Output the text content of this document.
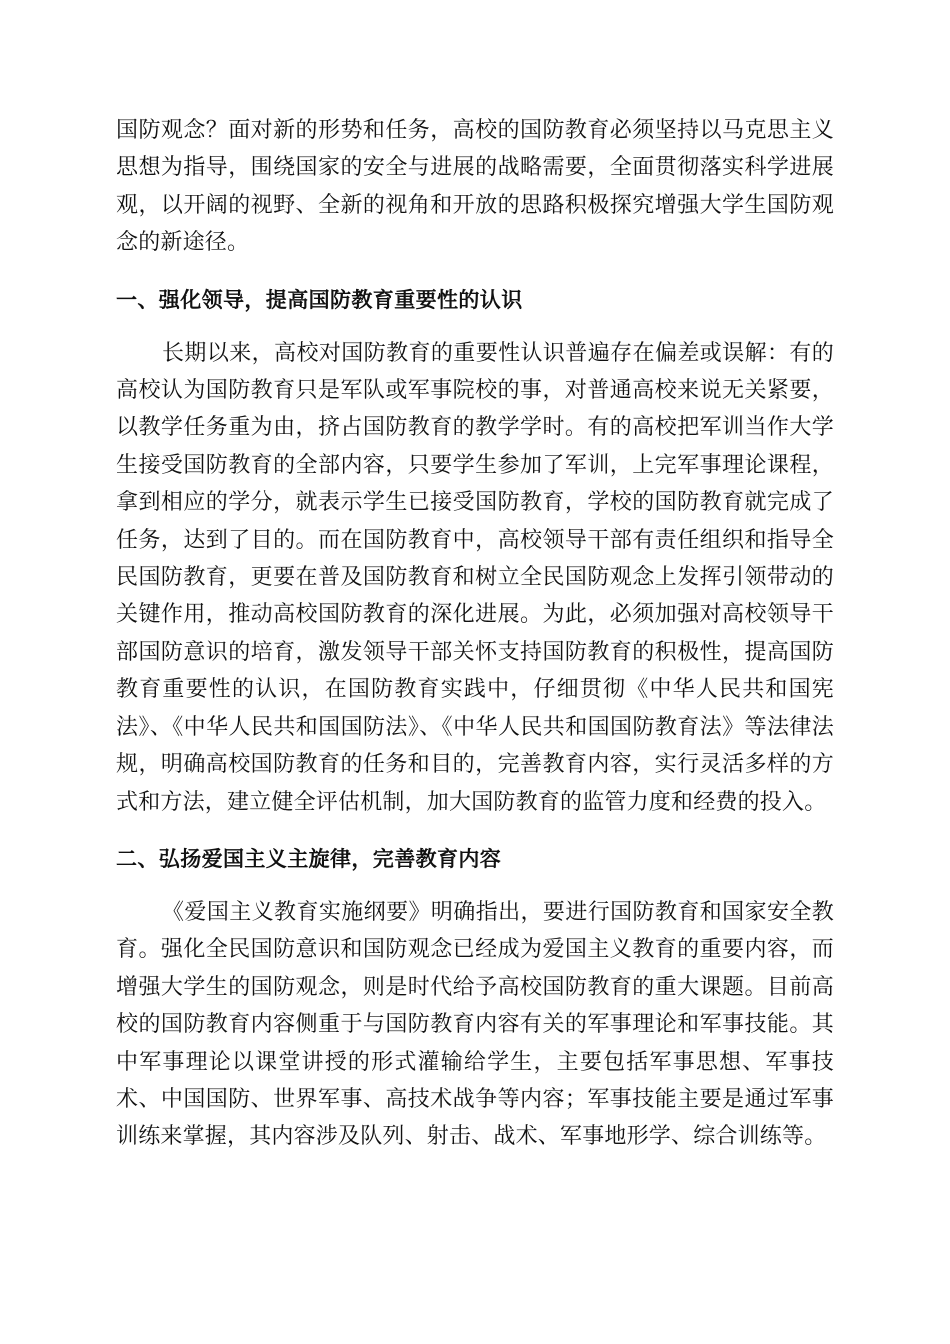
国防观念？面对新的形势和任务，高校的国防教育必须坚持以马克思主义思想为指导，围绕国家的安全与进展的战略需要，全面贯彻落实科学进展观，以开阔的视野、全新的视角和开放的思路积极探究增强大学生国防观念的新途径。

一、强化领导，提高国防教育重要性的认识

长期以来，高校对国防教育的重要性认识普遍存在偏差或误解：有的高校认为国防教育只是军队或军事院校的事，对普通高校来说无关紧要，以教学任务重为由，挤占国防教育的教学学时。有的高校把军训当作大学生接受国防教育的全部内容，只要学生参加了军训，上完军事理论课程，拿到相应的学分，就表示学生已接受国防教育，学校的国防教育就完成了任务，达到了目的。而在国防教育中，高校领导干部有责任组织和指导全民国防教育，更要在普及国防教育和树立全民国防观念上发挥引领带动的关键作用，推动高校国防教育的深化进展。为此，必须加强对高校领导干部国防意识的培育，激发领导干部关怀支持国防教育的积极性，提高国防教育重要性的认识，在国防教育实践中，仔细贯彻《中华人民共和国宪法》、《中华人民共和国国防法》、《中华人民共和国国防教育法》等法律法规，明确高校国防教育的任务和目的，完善教育内容，实行灵活多样的方式和方法，建立健全评估机制，加大国防教育的监管力度和经费的投入。

二、弘扬爱国主义主旋律，完善教育内容

《爱国主义教育实施纲要》明确指出，要进行国防教育和国家安全教育。强化全民国防意识和国防观念已经成为爱国主义教育的重要内容，而增强大学生的国防观念，则是时代给予高校国防教育的重大课题。目前高校的国防教育内容侧重于与国防教育内容有关的军事理论和军事技能。其中军事理论以课堂讲授的形式灌输给学生，主要包括军事思想、军事技术、中国国防、世界军事、高技术战争等内容；军事技能主要是通过军事训练来掌握，其内容涉及队列、射击、战术、军事地形学、综合训练等。
